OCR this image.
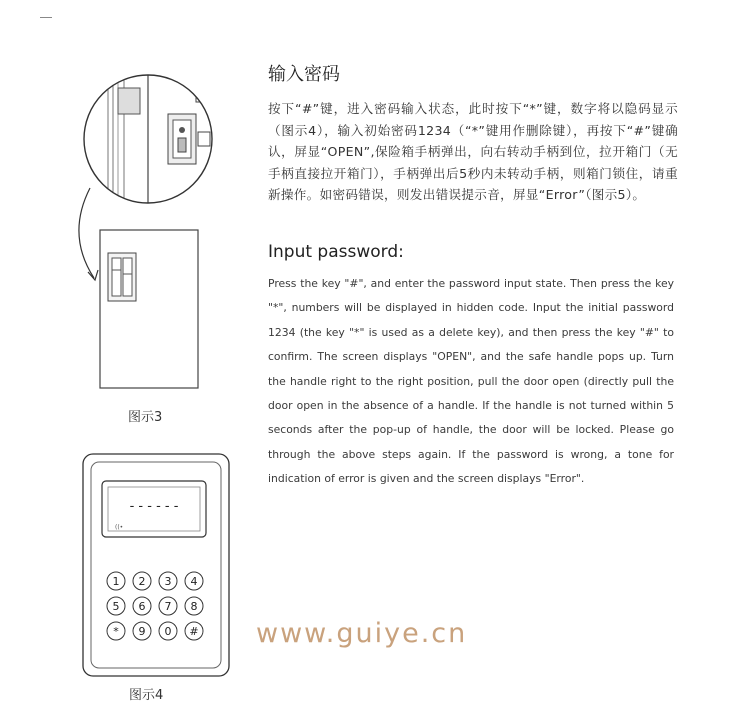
图示3
- - - - - -
((•
1 2 3 4
5 6 7 8
* 9 0 #
图示4
输入密码

按下“#”键，进入密码输入状态，此时按下“*”键，数字将以隐码显示（图示4），输入初始密码1234（“*”键用作删除键），再按下“#”键确认，屏显“OPEN”,保险箱手柄弹出，向右转动手柄到位，拉开箱门（无手柄直接拉开箱门），手柄弹出后5秒内未转动手柄，则箱门锁住，请重新操作。如密码错误，则发出错误提示音，屏显“Error”（图示5）。

Input password:

Press the key "#", and enter the password input state. Then press the key "*", numbers will be displayed in hidden code. Input the initial password 1234 (the key "*" is used as a delete key), and then press the key "#" to confirm. The screen displays "OPEN", and the safe handle pops up. Turn the handle right to the right position, pull the door open (directly pull the door open in the absence of a handle. If the handle is not turned within 5 seconds after the pop-up of handle, the door will be locked. Please go through the above steps again. If the password is wrong, a tone for indication of error is given and the screen displays "Error".

www.guiye.cn
